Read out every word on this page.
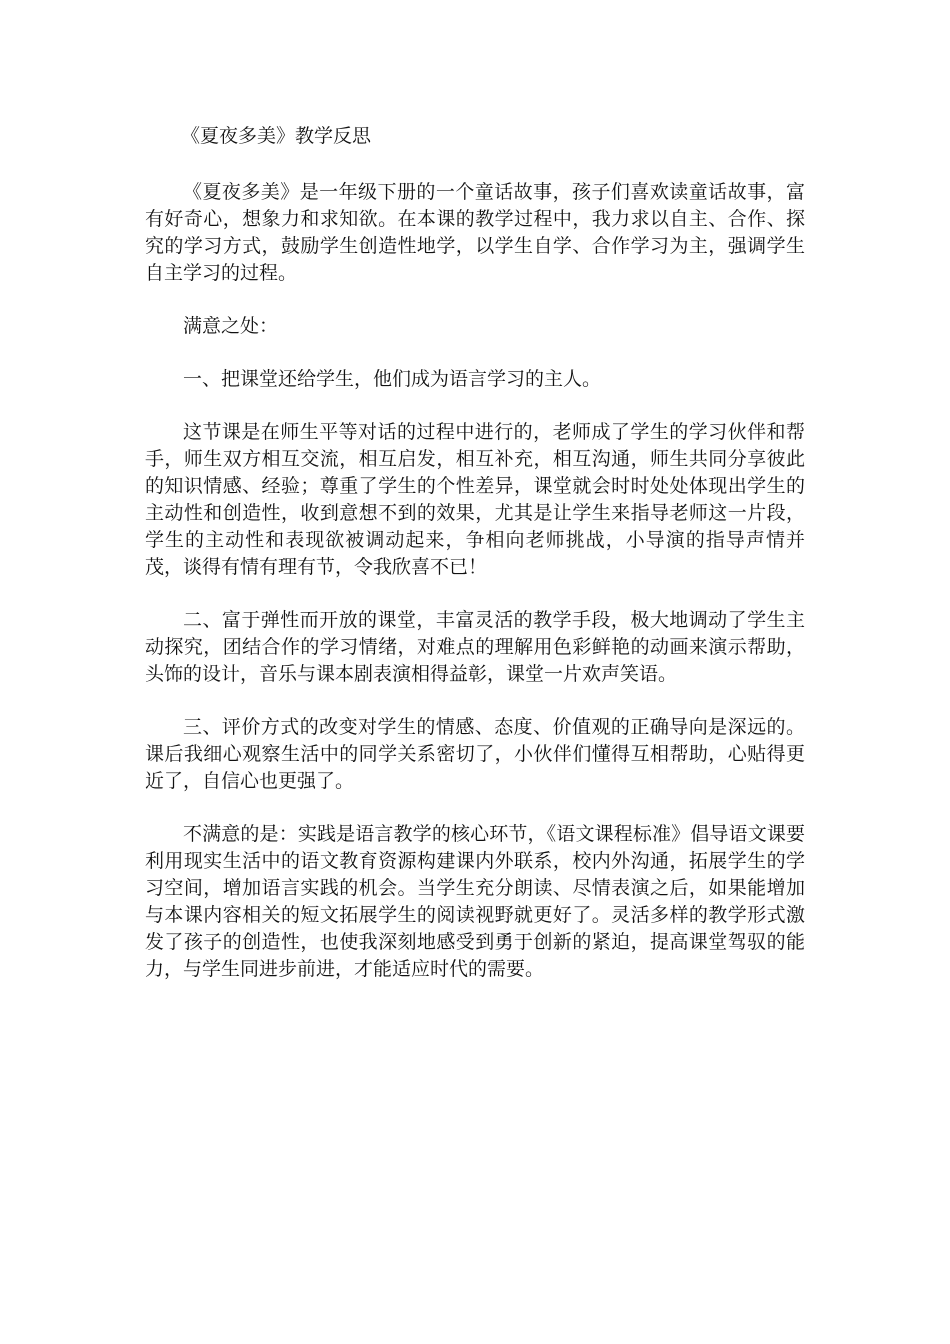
《夏夜多美》教学反思

《夏夜多美》是一年级下册的一个童话故事，孩子们喜欢读童话故事，富有好奇心，想象力和求知欲。在本课的教学过程中，我力求以自主、合作、探究的学习方式，鼓励学生创造性地学，以学生自学、合作学习为主，强调学生自主学习的过程。

满意之处：

一、把课堂还给学生，他们成为语言学习的主人。

这节课是在师生平等对话的过程中进行的，老师成了学生的学习伙伴和帮手，师生双方相互交流，相互启发，相互补充，相互沟通，师生共同分享彼此的知识情感、经验；尊重了学生的个性差异，课堂就会时时处处体现出学生的主动性和创造性，收到意想不到的效果，尤其是让学生来指导老师这一片段，学生的主动性和表现欲被调动起来，争相向老师挑战，小导演的指导声情并茂，谈得有情有理有节，令我欣喜不已！

二、富于弹性而开放的课堂，丰富灵活的教学手段，极大地调动了学生主动探究，团结合作的学习情绪，对难点的理解用色彩鲜艳的动画来演示帮助，头饰的设计，音乐与课本剧表演相得益彰，课堂一片欢声笑语。

三、评价方式的改变对学生的情感、态度、价值观的正确导向是深远的。课后我细心观察生活中的同学关系密切了，小伙伴们懂得互相帮助，心贴得更近了，自信心也更强了。

不满意的是：实践是语言教学的核心环节，《语文课程标准》倡导语文课要利用现实生活中的语文教育资源构建课内外联系，校内外沟通，拓展学生的学习空间，增加语言实践的机会。当学生充分朗读、尽情表演之后，如果能增加与本课内容相关的短文拓展学生的阅读视野就更好了。灵活多样的教学形式激发了孩子的创造性，也使我深刻地感受到勇于创新的紧迫，提高课堂驾驭的能力，与学生同进步前进，才能适应时代的需要。
